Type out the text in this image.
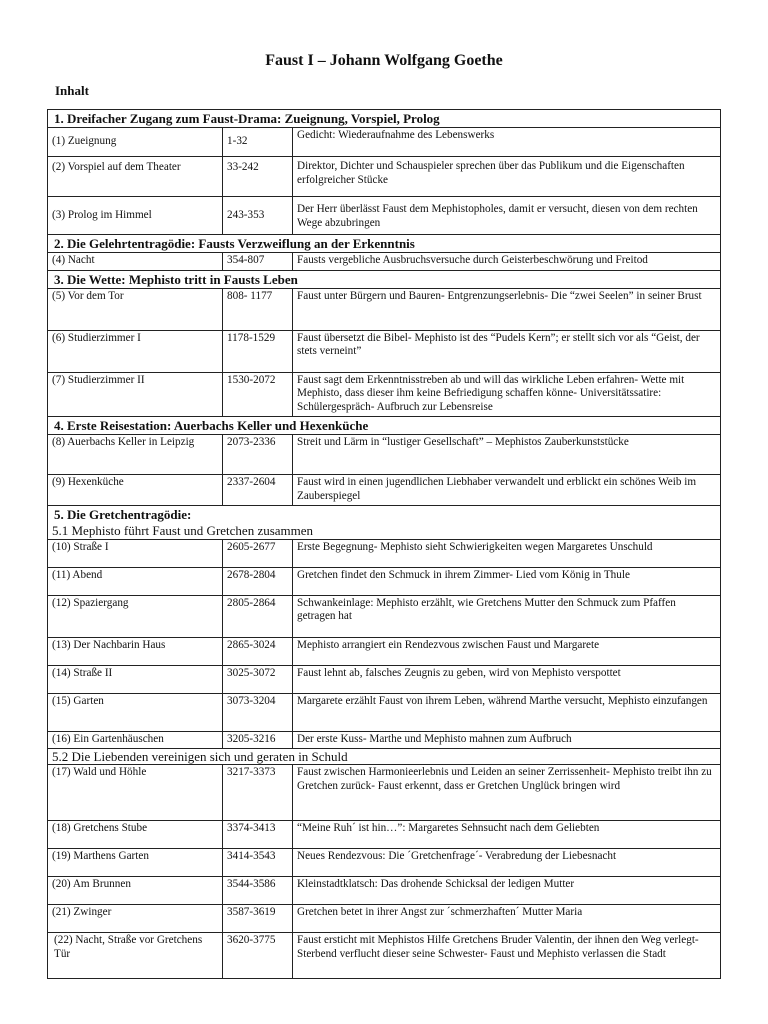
Faust I – Johann Wolfgang Goethe
Inhalt
1. Dreifacher Zugang zum Faust-Drama: Zueignung, Vorspiel, Prolog		
(1) Zueignung	1-32	Gedicht: Wiederaufnahme des Lebenswerks
(2) Vorspiel auf dem Theater	33-242	Direktor, Dichter und Schauspieler sprechen über das Publikum und die Eigenschaften erfolgreicher Stücke
(3) Prolog im Himmel	243-353	Der Herr überlässt Faust dem Mephistopholes, damit er versucht, diesen von dem rechten Wege abzubringen
2. Die Gelehrtentragödie: Fausts Verzweiflung an der Erkenntnis		
(4) Nacht	354-807	Fausts vergebliche Ausbruchsversuche durch Geisterbeschwörung und Freitod
3. Die Wette: Mephisto tritt in Fausts Leben		
(5) Vor dem Tor	808- 1177	Faust unter Bürgern und Bauren- Entgrenzungserlebnis- Die “zwei Seelen” in seiner Brust
(6) Studierzimmer I	1178-1529	Faust übersetzt die Bibel- Mephisto ist des “Pudels Kern”; er stellt sich vor als “Geist, der stets verneint”
(7) Studierzimmer II	1530-2072	Faust sagt dem Erkenntnisstreben ab und will das wirkliche Leben erfahren- Wette mit Mephisto, dass dieser ihm keine Befriedigung schaffen könne- Universitätssatire: Schülergespräch- Aufbruch zur Lebensreise
4. Erste Reisestation: Auerbachs Keller und Hexenküche		
(8) Auerbachs Keller in Leipzig	2073-2336	Streit und Lärm in “lustiger Gesellschaft” – Mephistos Zauberkunststücke
(9) Hexenküche	2337-2604	Faust wird in einen jugendlichen Liebhaber verwandelt und erblickt ein schönes Weib im Zauberspiegel
5. Die Gretchentragödie:		
5.1 Mephisto führt Faust und Gretchen zusammen		
(10) Straße I	2605-2677	Erste Begegnung- Mephisto sieht Schwierigkeiten wegen Margaretes Unschuld
(11) Abend	2678-2804	Gretchen findet den Schmuck in ihrem Zimmer- Lied vom König in Thule
(12) Spaziergang	2805-2864	Schwankeinlage: Mephisto erzählt, wie Gretchens Mutter den Schmuck zum Pfaffen getragen hat
(13) Der Nachbarin Haus	2865-3024	Mephisto arrangiert ein Rendezvous zwischen Faust und Margarete
(14) Straße II	3025-3072	Faust lehnt ab, falsches Zeugnis zu geben, wird von Mephisto verspottet
(15) Garten	3073-3204	Margarete erzählt Faust von ihrem Leben, während Marthe versucht, Mephisto einzufangen
(16) Ein Gartenhäuschen	3205-3216	Der erste Kuss- Marthe und Mephisto mahnen zum Aufbruch
5.2 Die Liebenden vereinigen sich und geraten in Schuld		
(17) Wald und Höhle	3217-3373	Faust zwischen Harmonieerlebnis und Leiden an seiner Zerrissenheit- Mephisto treibt ihn zu Gretchen zurück- Faust erkennt, dass er Gretchen Unglück bringen wird
(18) Gretchens Stube	3374-3413	“Meine Ruh´ ist hin…”: Margaretes Sehnsucht nach dem Geliebten
(19) Marthens Garten	3414-3543	Neues Rendezvous: Die ´Gretchenfrage´- Verabredung der Liebesnacht
(20) Am Brunnen	3544-3586	Kleinstadtklatsch: Das drohende Schicksal der ledigen Mutter
(21) Zwinger	3587-3619	Gretchen betet in ihrer Angst zur ´schmerzhaften´ Mutter Maria
(22) Nacht, Straße vor Gretchens Tür	3620-3775	Faust ersticht mit Mephistos Hilfe Gretchens Bruder Valentin, der ihnen den Weg verlegt- Sterbend verflucht dieser seine Schwester- Faust und Mephisto verlassen die Stadt
